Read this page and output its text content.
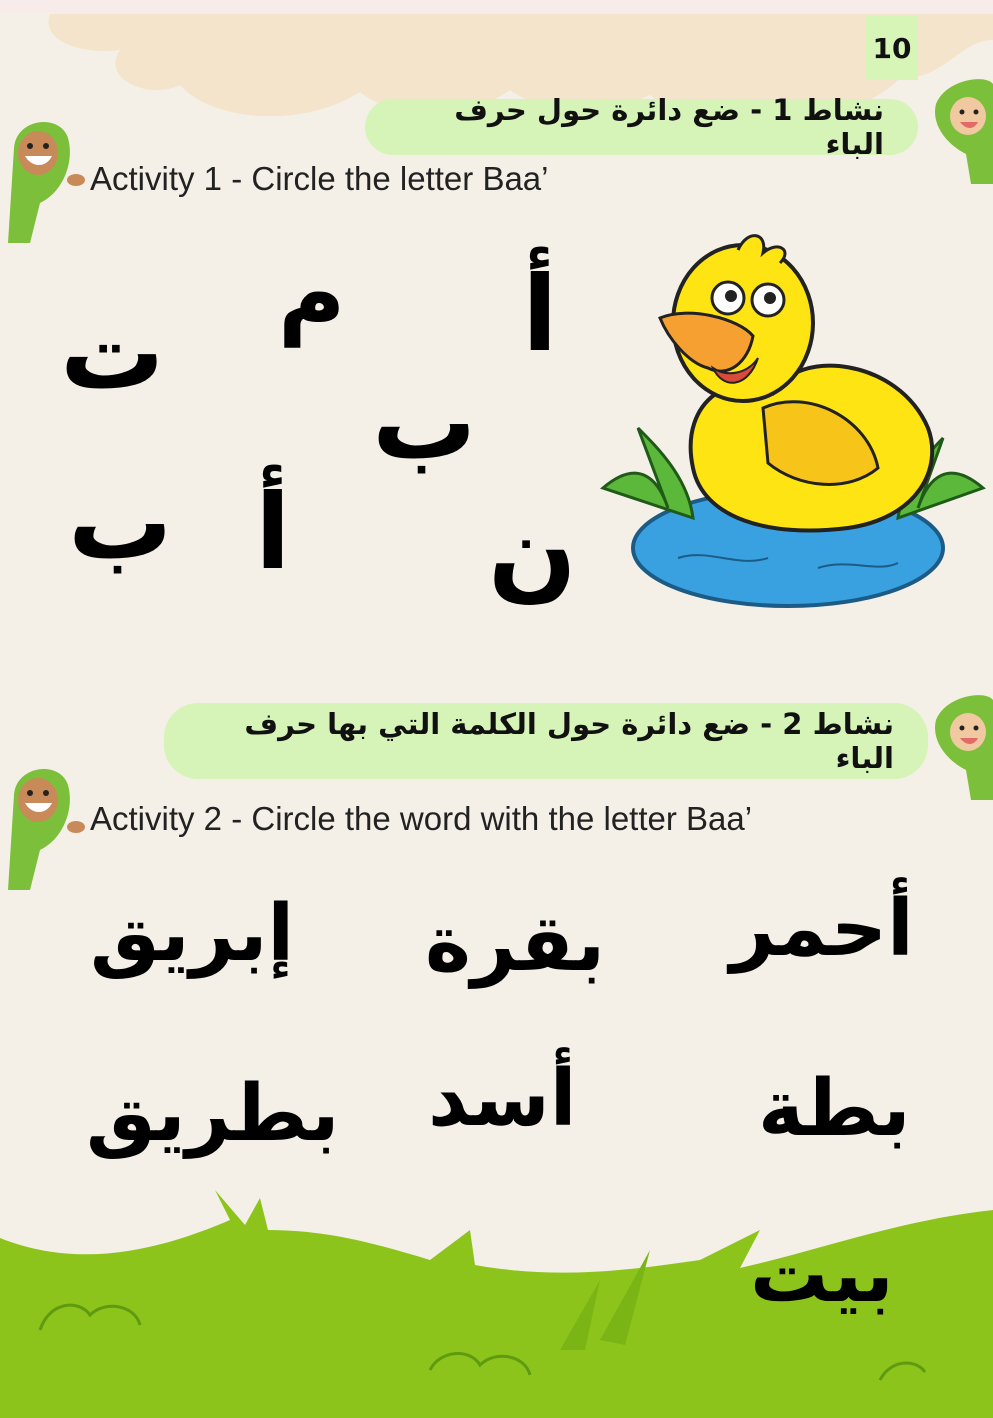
10
نشاط 1 - ضع دائرة حول حرف الباء
Activity 1 - Circle the letter Baa’
م أ
ت
ب
ب أ ن
نشاط 2 - ضع دائرة حول الكلمة التي بها حرف الباء
Activity 2 - Circle the word with the letter Baa’
أحمر
بقرة
إبريق
بطة
أسد
بطريق
بيت
